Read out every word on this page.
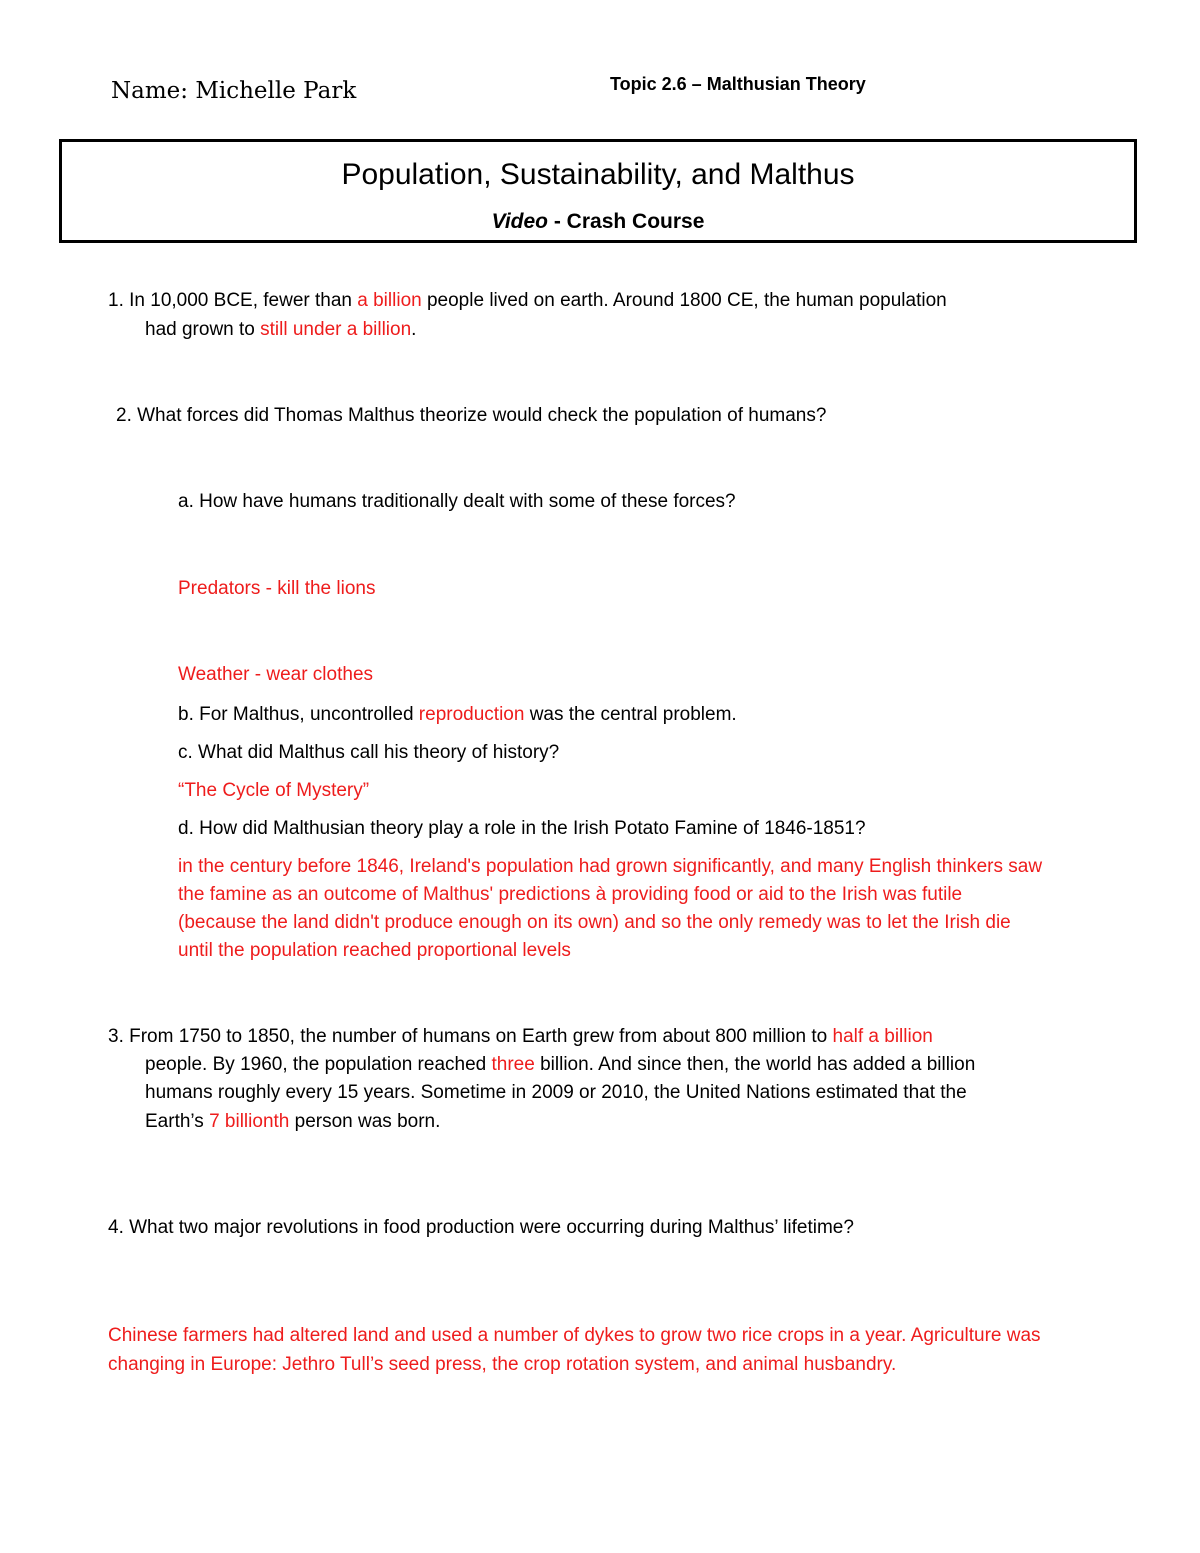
Name: Michelle Park	Topic 2.6 – Malthusian Theory
Population, Sustainability, and Malthus
Video - Crash Course
1. In 10,000 BCE, fewer than a billion people lived on earth. Around 1800 CE, the human population
had grown to still under a billion.
2. What forces did Thomas Malthus theorize would check the population of humans?
a. How have humans traditionally dealt with some of these forces?
Predators - kill the lions
Weather - wear clothes
b. For Malthus, uncontrolled reproduction was the central problem.
c. What did Malthus call his theory of history?
“The Cycle of Mystery”
d. How did Malthusian theory play a role in the Irish Potato Famine of 1846-1851?
in the century before 1846, Ireland's population had grown significantly, and many English thinkers saw
the famine as an outcome of Malthus' predictions à providing food or aid to the Irish was futile
(because the land didn't produce enough on its own) and so the only remedy was to let the Irish die
until the population reached proportional levels
3. From 1750 to 1850, the number of humans on Earth grew from about 800 million to half a billion
people. By 1960, the population reached three billion. And since then, the world has added a billion
humans roughly every 15 years. Sometime in 2009 or 2010, the United Nations estimated that the
Earth’s 7 billionth person was born.
4. What two major revolutions in food production were occurring during Malthus’ lifetime?
Chinese farmers had altered land and used a number of dykes to grow two rice crops in a year. Agriculture was
changing in Europe: Jethro Tull’s seed press, the crop rotation system, and animal husbandry.
